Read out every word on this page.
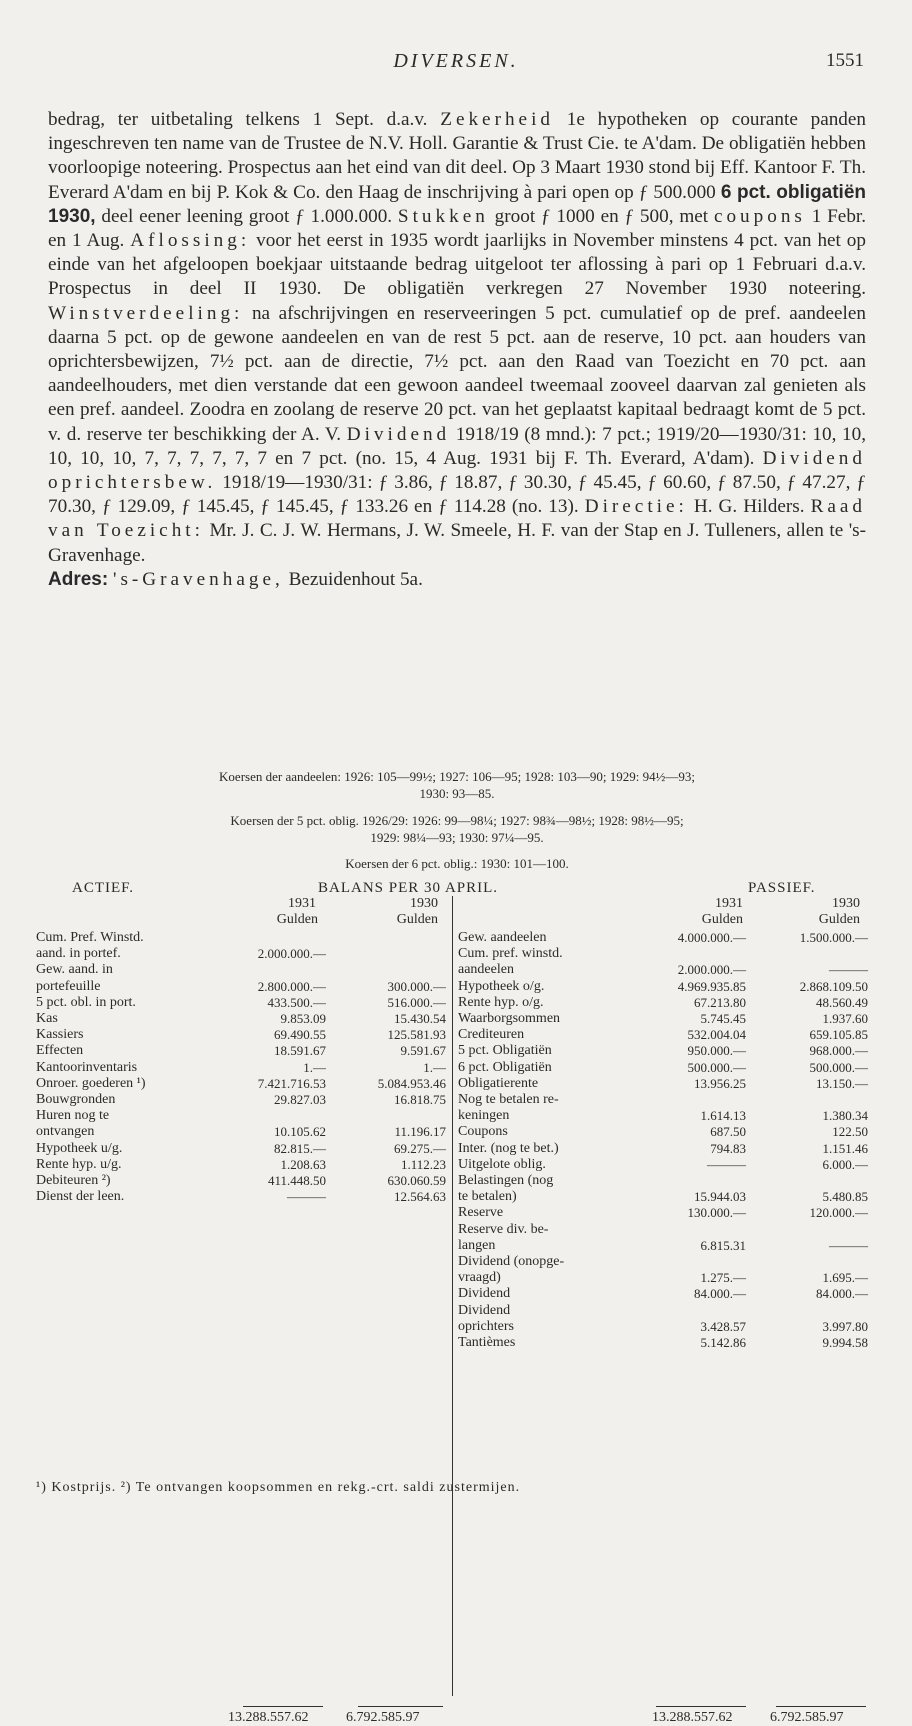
DIVERSEN.	1551

bedrag, ter uitbetaling telkens 1 Sept. d.a.v. Zekerheid 1e hypotheken op courante panden ingeschreven ten name van de Trustee de N.V. Holl. Garantie & Trust Cie. te A'dam. De obligatiën hebben voorloopige noteering. Prospectus aan het eind van dit deel. Op 3 Maart 1930 stond bij Eff. Kantoor F. Th. Everard A'dam en bij P. Kok & Co. den Haag de inschrijving à pari open op ƒ 500.000 6 pct. obligatiën 1930, deel eener leening groot ƒ 1.000.000. Stukken groot ƒ 1000 en ƒ 500, met coupons 1 Febr. en 1 Aug. Aflossing: voor het eerst in 1935 wordt jaarlijks in November minstens 4 pct. van het op einde van het afgeloopen boekjaar uitstaande bedrag uitgeloot ter aflossing à pari op 1 Februari d.a.v. Prospectus in deel II 1930. De obligatiën verkregen 27 November 1930 noteering. Winstverdeeling: na afschrijvingen en reserveeringen 5 pct. cumulatief op de pref. aandeelen daarna 5 pct. op de gewone aandeelen en van de rest 5 pct. aan de reserve, 10 pct. aan houders van oprichtersbewijzen, 7½ pct. aan de directie, 7½ pct. aan den Raad van Toezicht en 70 pct. aan aandeelhouders, met dien verstande dat een gewoon aandeel tweemaal zooveel daarvan zal genieten als een pref. aandeel. Zoodra en zoolang de reserve 20 pct. van het geplaatst kapitaal bedraagt komt de 5 pct. v. d. reserve ter beschikking der A. V. Dividend 1918/19 (8 mnd.): 7 pct.; 1919/20—1930/31: 10, 10, 10, 10, 10, 7, 7, 7, 7, 7, 7 en 7 pct. (no. 15, 4 Aug. 1931 bij F. Th. Everard, A'dam). Dividend oprichtersbew. 1918/19—1930/31: ƒ 3.86, ƒ 18.87, ƒ 30.30, ƒ 45.45, ƒ 60.60, ƒ 87.50, ƒ 47.27, ƒ 70.30, ƒ 129.09, ƒ 145.45, ƒ 145.45, ƒ 133.26 en ƒ 114.28 (no. 13). Directie: H. G. Hilders. Raad van Toezicht: Mr. J. C. J. W. Hermans, J. W. Smeele, H. F. van der Stap en J. Tulleners, allen te 's-Gravenhage.
Adres: 's-Gravenhage, Bezuidenhout 5a.

Koersen der aandeelen: 1926: 105—99½; 1927: 106—95; 1928: 103—90; 1929: 94½—93;
1930: 93—85.
Koersen der 5 pct. oblig. 1926/29: 1926: 99—98¼; 1927: 98¾—98½; 1928: 98½—95;
1929: 98¼—93; 1930: 97¼—95.
Koersen der 6 pct. oblig.: 1930: 101—100.
ACTIEF.	BALANS PER 30 APRIL.	PASSIEF.
1931	1930	1931	1930
Gulden	Gulden	Gulden	Gulden
Cum. Pref. Winstd.
aand. in portef.	2.000.000.—
Gew. aand. in
portefeuille	2.800.000.—	300.000.—
5 pct. obl. in port.	433.500.—	516.000.—
Kas	9.853.09	15.430.54
Kassiers	69.490.55	125.581.93
Effecten	18.591.67	9.591.67
Kantoorinventaris	1.—	1.—
Onroer. goederen ¹)	7.421.716.53	5.084.953.46
Bouwgronden	29.827.03	16.818.75
Huren nog te
ontvangen	10.105.62	11.196.17
Hypotheek u/g.	82.815.—	69.275.—
Rente hyp. u/g.	1.208.63	1.112.23
Debiteuren ²)	411.448.50	630.060.59
Dienst der leen.	———	12.564.63
Gew. aandeelen	4.000.000.—	1.500.000.—
Cum. pref. winstd.
aandeelen	2.000.000.—	———
Hypotheek o/g.	4.969.935.85	2.868.109.50
Rente hyp. o/g.	67.213.80	48.560.49
Waarborgsommen	5.745.45	1.937.60
Crediteuren	532.004.04	659.105.85
5 pct. Obligatiën	950.000.—	968.000.—
6 pct. Obligatiën	500.000.—	500.000.—
Obligatierente	13.956.25	13.150.—
Nog te betalen re-
keningen	1.614.13	1.380.34
Coupons	687.50	122.50
Inter. (nog te bet.)	794.83	1.151.46
Uitgelote oblig.	———	6.000.—
Belastingen (nog
te betalen)	15.944.03	5.480.85
Reserve	130.000.—	120.000.—
Reserve div. be-
langen	6.815.31	———
Dividend (onopge-
vraagd)	1.275.—	1.695.—
Dividend	84.000.—	84.000.—
Dividend
oprichters	3.428.57	3.997.80
Tantièmes	5.142.86	9.994.58
13.288.557.62	6.792.585.97	13.288.557.62	6.792.585.97
¹) Kostprijs. ²) Te ontvangen koopsommen en rekg.-crt. saldi zustermijen.
